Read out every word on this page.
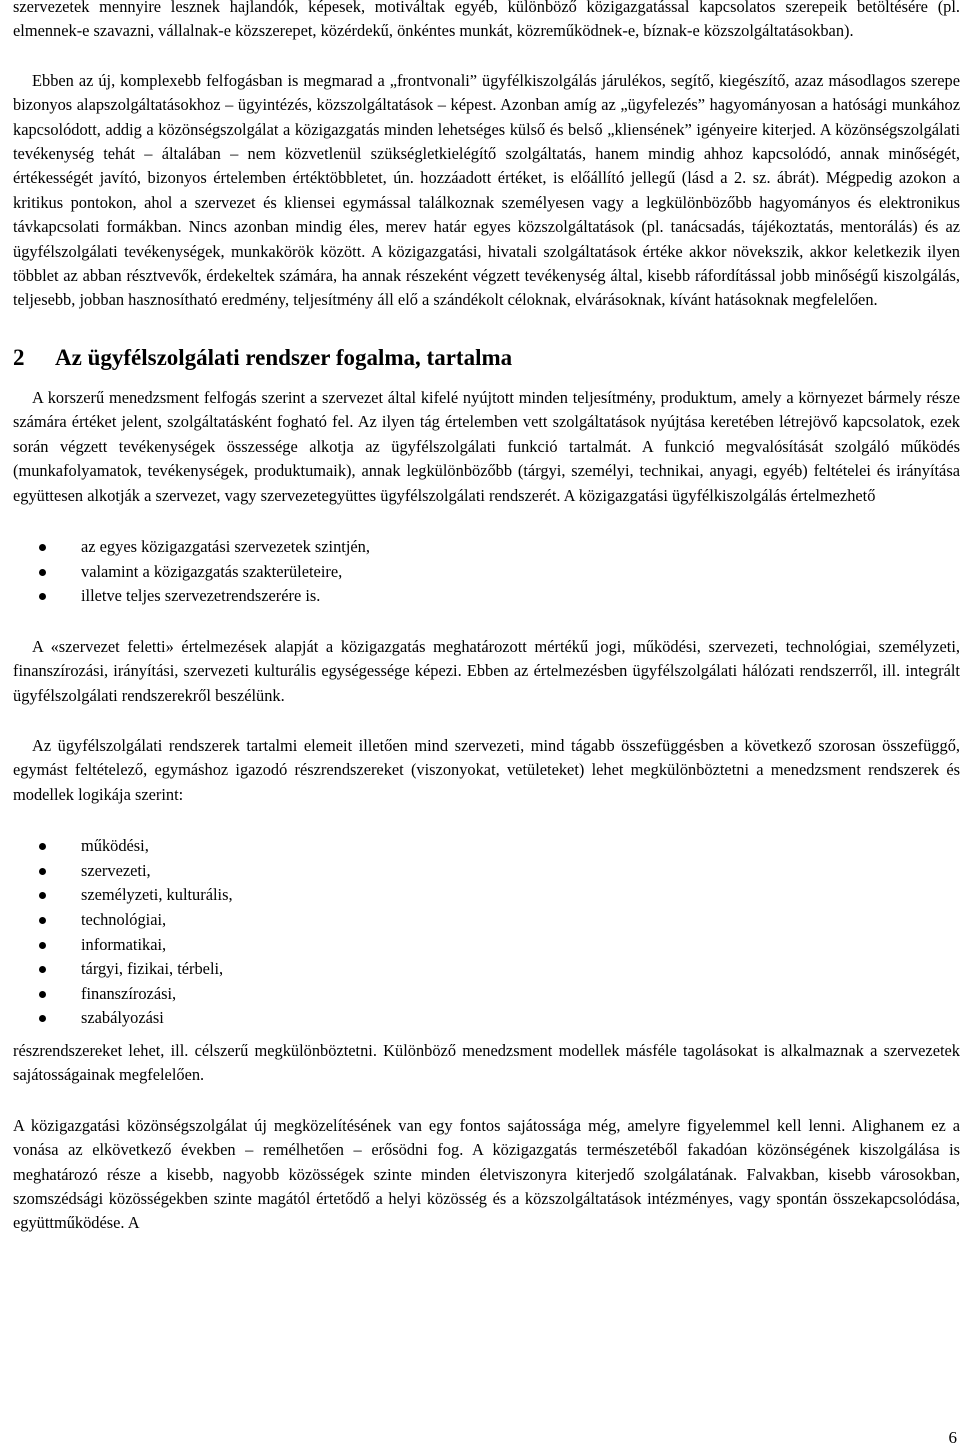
szervezetek mennyire lesznek hajlandók, képesek, motiváltak egyéb, különböző közigazgatással kapcsolatos szerepeik betöltésére (pl. elmennek-e szavazni, vállalnak-e közszerepet, közérdekű, önkéntes munkát, közreműködnek-e, bíznak-e közszolgáltatásokban).

Ebben az új, komplexebb felfogásban is megmarad a „frontvonali” ügyfélkiszolgálás járulékos, segítő, kiegészítő, azaz másodlagos szerepe bizonyos alapszolgáltatásokhoz – ügyintézés, közszolgáltatások – képest. Azonban amíg az „ügyfelezés” hagyományosan a hatósági munkához kapcsolódott, addig a közönségszolgálat a közigazgatás minden lehetséges külső és belső „kliensének” igényeire kiterjed. A közönségszolgálati tevékenység tehát – általában – nem közvetlenül szükségletkielégítő szolgáltatás, hanem mindig ahhoz kapcsolódó, annak minőségét, értékességét javító, bizonyos értelemben értéktöbbletet, ún. hozzáadott értéket, is előállító jellegű (lásd a 2. sz. ábrát). Mégpedig azokon a kritikus pontokon, ahol a szervezet és kliensei egymással találkoznak személyesen vagy a legkülönbözőbb hagyományos és elektronikus távkapcsolati formákban. Nincs azonban mindig éles, merev határ egyes közszolgáltatások (pl. tanácsadás, tájékoztatás, mentorálás) és az ügyfélszolgálati tevékenységek, munkakörök között. A közigazgatási, hivatali szolgáltatások értéke akkor növekszik, akkor keletkezik ilyen többlet az abban résztvevők, érdekeltek számára, ha annak részeként végzett tevékenység által, kisebb ráfordítással jobb minőségű kiszolgálás, teljesebb, jobban hasznosítható eredmény, teljesítmény áll elő a szándékolt céloknak, elvárásoknak, kívánt hatásoknak megfelelően.

2 Az ügyfélszolgálati rendszer fogalma, tartalma

A korszerű menedzsment felfogás szerint a szervezet által kifelé nyújtott minden teljesítmény, produktum, amely a környezet bármely része számára értéket jelent, szolgáltatásként fogható fel. Az ilyen tág értelemben vett szolgáltatások nyújtása keretében létrejövő kapcsolatok, ezek során végzett tevékenységek összessége alkotja az ügyfélszolgálati funkció tartalmát. A funkció megvalósítását szolgáló működés (munkafolyamatok, tevékenységek, produktumaik), annak legkülönbözőbb (tárgyi, személyi, technikai, anyagi, egyéb) feltételei és irányítása együttesen alkotják a szervezet, vagy szervezetegyüttes ügyfélszolgálati rendszerét. A közigazgatási ügyfélkiszolgálás értelmezhető

az egyes közigazgatási szervezetek szintjén,
valamint a közigazgatás szakterületeire,
illetve teljes szervezetrendszerére is.

A «szervezet feletti» értelmezések alapját a közigazgatás meghatározott mértékű jogi, működési, szervezeti, technológiai, személyzeti, finanszírozási, irányítási, szervezeti kulturális egységessége képezi. Ebben az értelmezésben ügyfélszolgálati hálózati rendszerről, ill. integrált ügyfélszolgálati rendszerekről beszélünk.

Az ügyfélszolgálati rendszerek tartalmi elemeit illetően mind szervezeti, mind tágabb összefüggésben a következő szorosan összefüggő, egymást feltételező, egymáshoz igazodó részrendszereket (viszonyokat, vetületeket) lehet megkülönböztetni a menedzsment rendszerek és modellek logikája szerint:

működési,
szervezeti,
személyzeti, kulturális,
technológiai,
informatikai,
tárgyi, fizikai, térbeli,
finanszírozási,
szabályozási

részrendszereket lehet, ill. célszerű megkülönböztetni. Különböző menedzsment modellek másféle tagolásokat is alkalmaznak a szervezetek sajátosságainak megfelelően.

A közigazgatási közönségszolgálat új megközelítésének van egy fontos sajátossága még, amelyre figyelemmel kell lenni. Alighanem ez a vonása az elkövetkező években – remélhetően – erősödni fog. A közigazgatás természetéből fakadóan közönségének kiszolgálása is meghatározó része a kisebb, nagyobb közösségek szinte minden életviszonyra kiterjedő szolgálatának. Falvakban, kisebb városokban, szomszédsági közösségekben szinte magától értetődő a helyi közösség és a közszolgáltatások intézményes, vagy spontán összekapcsolódása, együttműködése. A

6
